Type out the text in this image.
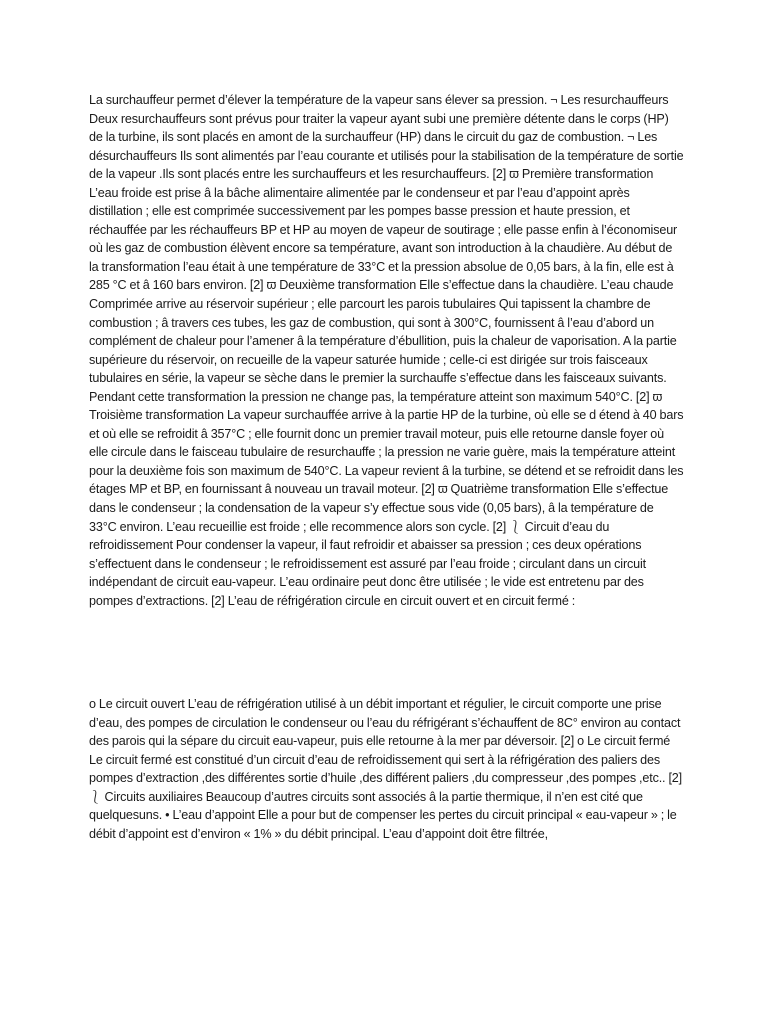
La surchauffeur permet d’élever la température de la vapeur sans élever sa pression. ¬ Les resurchauffeurs Deux resurchauffeurs sont prévus pour traiter la vapeur ayant subi une première détente dans le corps (HP) de la turbine, ils sont placés en amont de la surchauffeur (HP) dans le circuit du gaz de combustion. ¬ Les désurchauffeurs Ils sont alimentés par l’eau courante et utilisés pour la stabilisation de la température de sortie de la vapeur .Ils sont placés entre les surchauffeurs et les resurchauffeurs. [2] ϖ Première transformation L’eau froide est prise â la bâche alimentaire alimentée par le condenseur et par l’eau d’appoint après distillation ; elle est comprimée successivement par les pompes basse pression et haute pression, et réchauffée par les réchauffeurs BP et HP au moyen de vapeur de soutirage ; elle passe enfin à l’économiseur où les gaz de combustion élèvent encore sa température, avant son introduction à la chaudière. Au début de la transformation l’eau était à une température de 33°C et la pression absolue de 0,05 bars, à la fin, elle est à 285 °C et â 160 bars environ. [2] ϖ Deuxième transformation Elle s’effectue dans la chaudière. L’eau chaude Comprimée arrive au réservoir supérieur ; elle parcourt les parois tubulaires Qui tapissent la chambre de combustion ; â travers ces tubes, les gaz de combustion, qui sont à 300°C, fournissent â l’eau d’abord un complément de chaleur pour l’amener â la température d’ébullition, puis la chaleur de vaporisation. A la partie supérieure du réservoir, on recueille de la vapeur saturée humide ; celle-ci est dirigée sur trois faisceaux tubulaires en série, la vapeur se sèche dans le premier la surchauffe s’effectue dans les faisceaux suivants. Pendant cette transformation la pression ne change pas, la température atteint son maximum 540°C. [2] ϖ Troisième transformation La vapeur surchauffée arrive à la partie HP de la turbine, où elle se d étend à 40 bars et où elle se refroidit â 357°C ; elle fournit donc un premier travail moteur, puis elle retourne dansle foyer où elle circule dans le faisceau tubulaire de resurchauffe ; la pression ne varie guère, mais la température atteint pour la deuxième fois son maximum de 540°C. La vapeur revient â la turbine, se détend et se refroidit dans les étages MP et BP, en fournissant â nouveau un travail moteur. [2] ϖ Quatrième transformation Elle s’effectue dans le condenseur ; la condensation de la vapeur s’y effectue sous vide (0,05 bars), â la température de 33°C environ. L’eau recueillie est froide ; elle recommence alors son cycle. [2] ⎱ Circuit d’eau du refroidissement Pour condenser la vapeur, il faut refroidir et abaisser sa pression ; ces deux opérations s’effectuent dans le condenseur ; le refroidissement est assuré par l’eau froide ; circulant dans un circuit indépendant de circuit eau-vapeur. L’eau ordinaire peut donc être utilisée ; le vide est entretenu par des pompes d’extractions. [2] L’eau de réfrigération circule en circuit ouvert et en circuit fermé :

o Le circuit ouvert L’eau de réfrigération utilisé à un débit important et régulier, le circuit comporte une prise d’eau, des pompes de circulation le condenseur ou l’eau du réfrigérant s’échauffent de 8C° environ au contact des parois qui la sépare du circuit eau-vapeur, puis elle retourne à la mer par déversoir. [2] o Le circuit fermé Le circuit fermé est constitué d’un circuit d’eau de refroidissement qui sert à la réfrigération des paliers des pompes d’extraction ,des différentes sortie d’huile ,des différent paliers ,du compresseur ,des pompes ,etc.. [2] ⎱ Circuits auxiliaires Beaucoup d’autres circuits sont associés â la partie thermique, il n’en est cité que quelquesuns. • L’eau d’appoint Elle a pour but de compenser les pertes du circuit principal « eau-vapeur » ; le débit d’appoint est d’environ « 1% » du débit principal. L’eau d’appoint doit être filtrée,
